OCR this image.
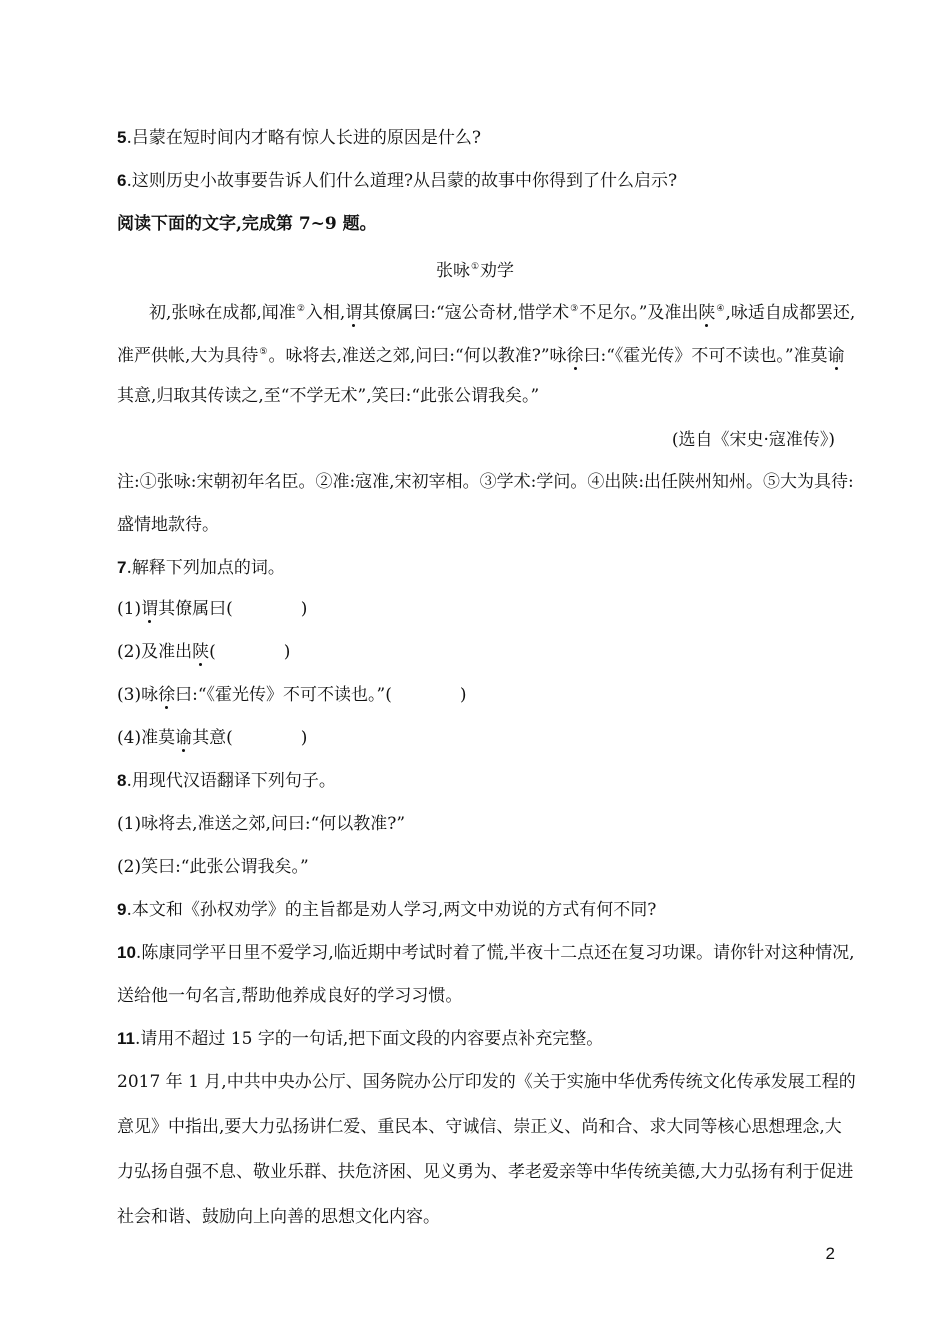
5.吕蒙在短时间内才略有惊人长进的原因是什么?
6.这则历史小故事要告诉人们什么道理?从吕蒙的故事中你得到了什么启示?
阅读下面的文字,完成第 7~9 题。
张咏①劝学
初,张咏在成都,闻准②入相,谓其僚属曰:“寇公奇材,惜学术③不足尔。”及准出陕④,咏适自成都罢还,
准严供帐,大为具待⑤。咏将去,准送之郊,问曰:“何以教准?”咏徐曰:“《霍光传》不可不读也。”准莫谕
其意,归取其传读之,至“不学无术”,笑曰:“此张公谓我矣。”
(选自《宋史·寇准传》)
注:①张咏:宋朝初年名臣。②准:寇准,宋初宰相。③学术:学问。④出陕:出任陕州知州。⑤大为具待:
盛情地款待。
7.解释下列加点的词。
(1)谓其僚属曰(	)
(2)及准出陕(	)
(3)咏徐曰:“《霍光传》不可不读也。”(	)
(4)准莫谕其意(	)
8.用现代汉语翻译下列句子。
(1)咏将去,准送之郊,问曰:“何以教准?”
(2)笑曰:“此张公谓我矣。”
9.本文和《孙权劝学》的主旨都是劝人学习,两文中劝说的方式有何不同?
10.陈康同学平日里不爱学习,临近期中考试时着了慌,半夜十二点还在复习功课。请你针对这种情况,
送给他一句名言,帮助他养成良好的学习习惯。
11.请用不超过 15 字的一句话,把下面文段的内容要点补充完整。
2017 年 1 月,中共中央办公厅、国务院办公厅印发的《关于实施中华优秀传统文化传承发展工程的
意见》中指出,要大力弘扬讲仁爱、重民本、守诚信、崇正义、尚和合、求大同等核心思想理念,大
力弘扬自强不息、敬业乐群、扶危济困、见义勇为、孝老爱亲等中华传统美德,大力弘扬有利于促进
社会和谐、鼓励向上向善的思想文化内容。
2
